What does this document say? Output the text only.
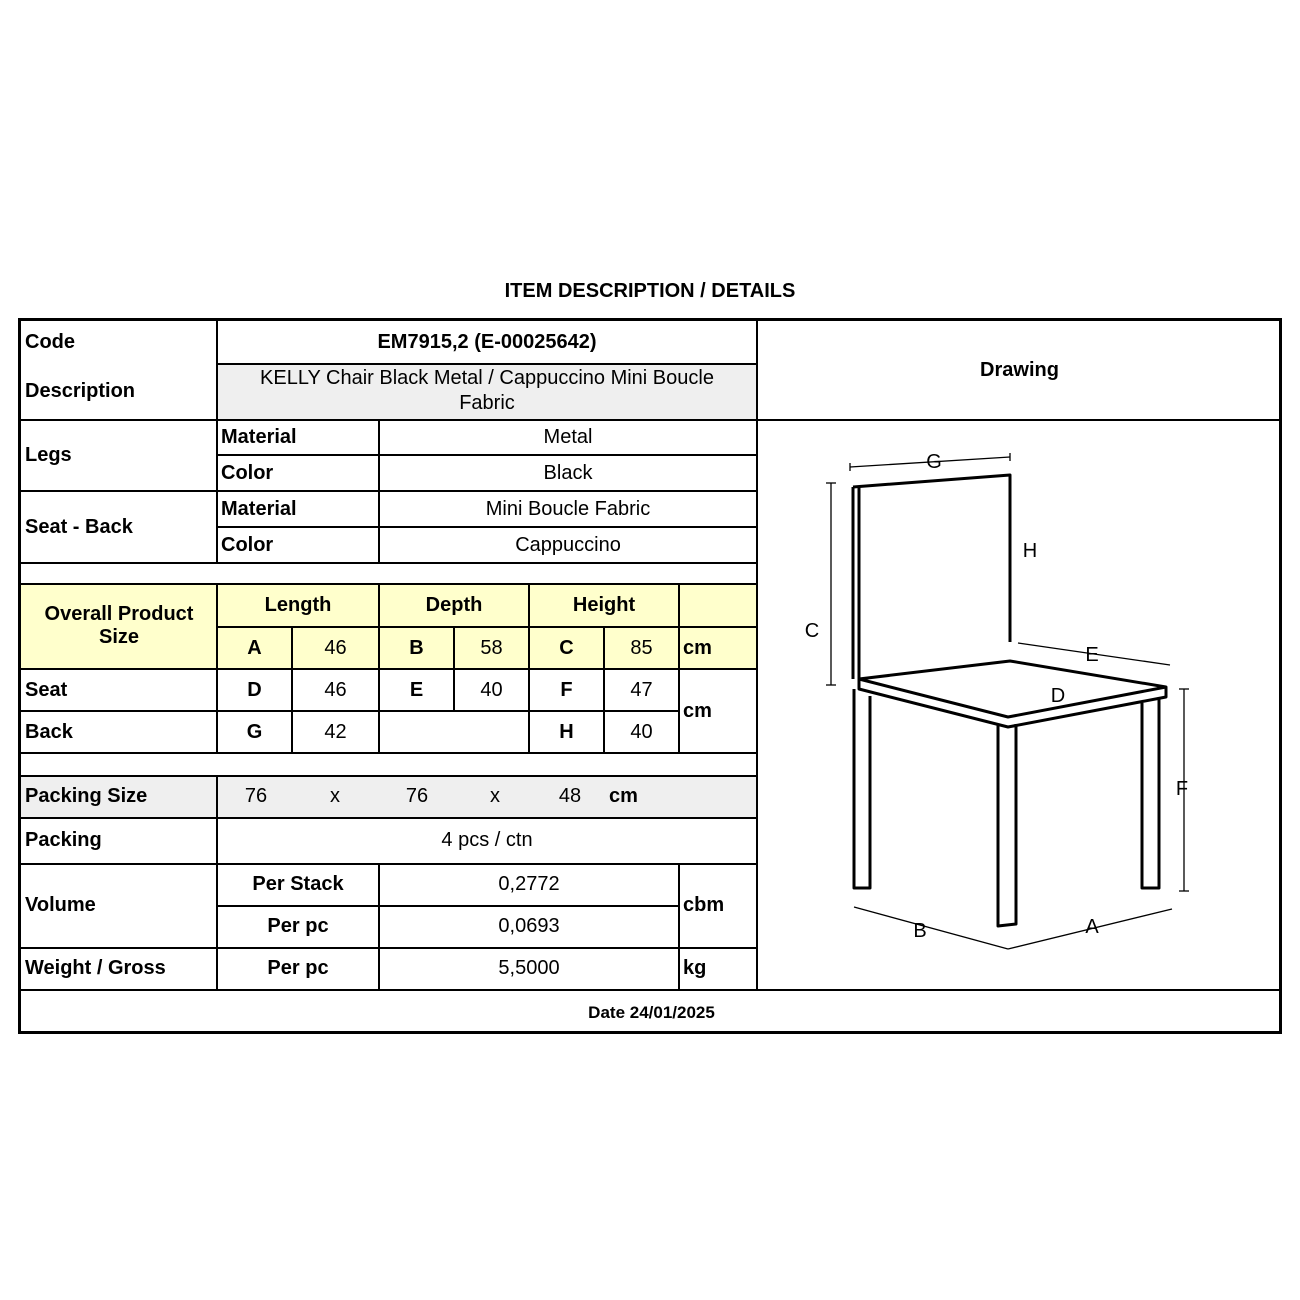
ITEM DESCRIPTION / DETAILS
Code	EM7915,2 (E-00025642)
Description
KELLY Chair Black Metal / Cappuccino Mini Boucle Fabric
Drawing
Legs
Material	Metal
Color	Black
Seat - Back
Material	Mini Boucle Fabric
Color	Cappuccino
Overall Product Size
Length	Depth	Height
A	46	B	58	C	85	cm
Seat	D	46	E	40	F	47
Back	G	42	H	40
cm
Packing Size	76	x	76	x	48	cm
Packing	4 pcs / ctn
Volume
Per Stack	0,2772
Per pc	0,0693
cbm
Weight / Gross	Per pc	5,5000	kg
Date 24/01/2025
G
C
H
E
D
F
B	A
